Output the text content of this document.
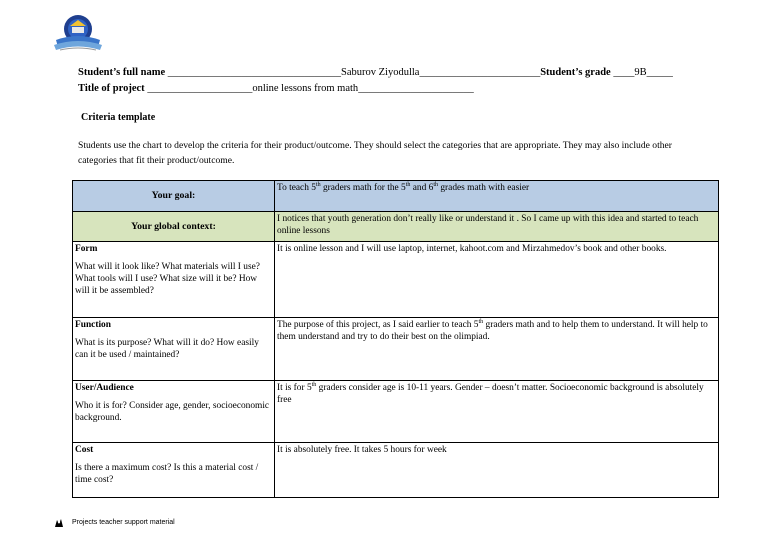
Student’s full name _________________________________Saburov Ziyodulla_______________________Student’s grade ____9B_____
Title of project ____________________online lessons from math______________________
Criteria template
Students use the chart to develop the criteria for their product/outcome. They should select the categories that are appropriate. They may also include other categories that fit their product/outcome.
Your goal:	To teach 5th graders math for the 5th and 6th grades math with easier
Your global context:	I notices that youth generation don’t really like or understand it . So I came up with this idea and started to teach online lessons

Form
What will it look like? What materials will I use? What tools will I use? What size will it be? How will it be assembled?	It is online lesson and I will use laptop, internet, kahoot.com and Mirzahmedov’s book and other books.

Function
What is its purpose? What will it do? How easily can it be used / maintained?	The purpose of this project, as I said earlier to teach 5th graders math and to help them to understand. It will help to them understand and try to do their best on the olimpiad.

User/Audience
Who it is for? Consider age, gender, socioeconomic background.	It is for 5th graders consider age is 10-11 years. Gender – doesn’t matter. Socioeconomic background is absolutely free

Cost
Is there a maximum cost? Is this a material cost / time cost?	It is absolutely free. It takes 5 hours for week
Projects teacher support material
